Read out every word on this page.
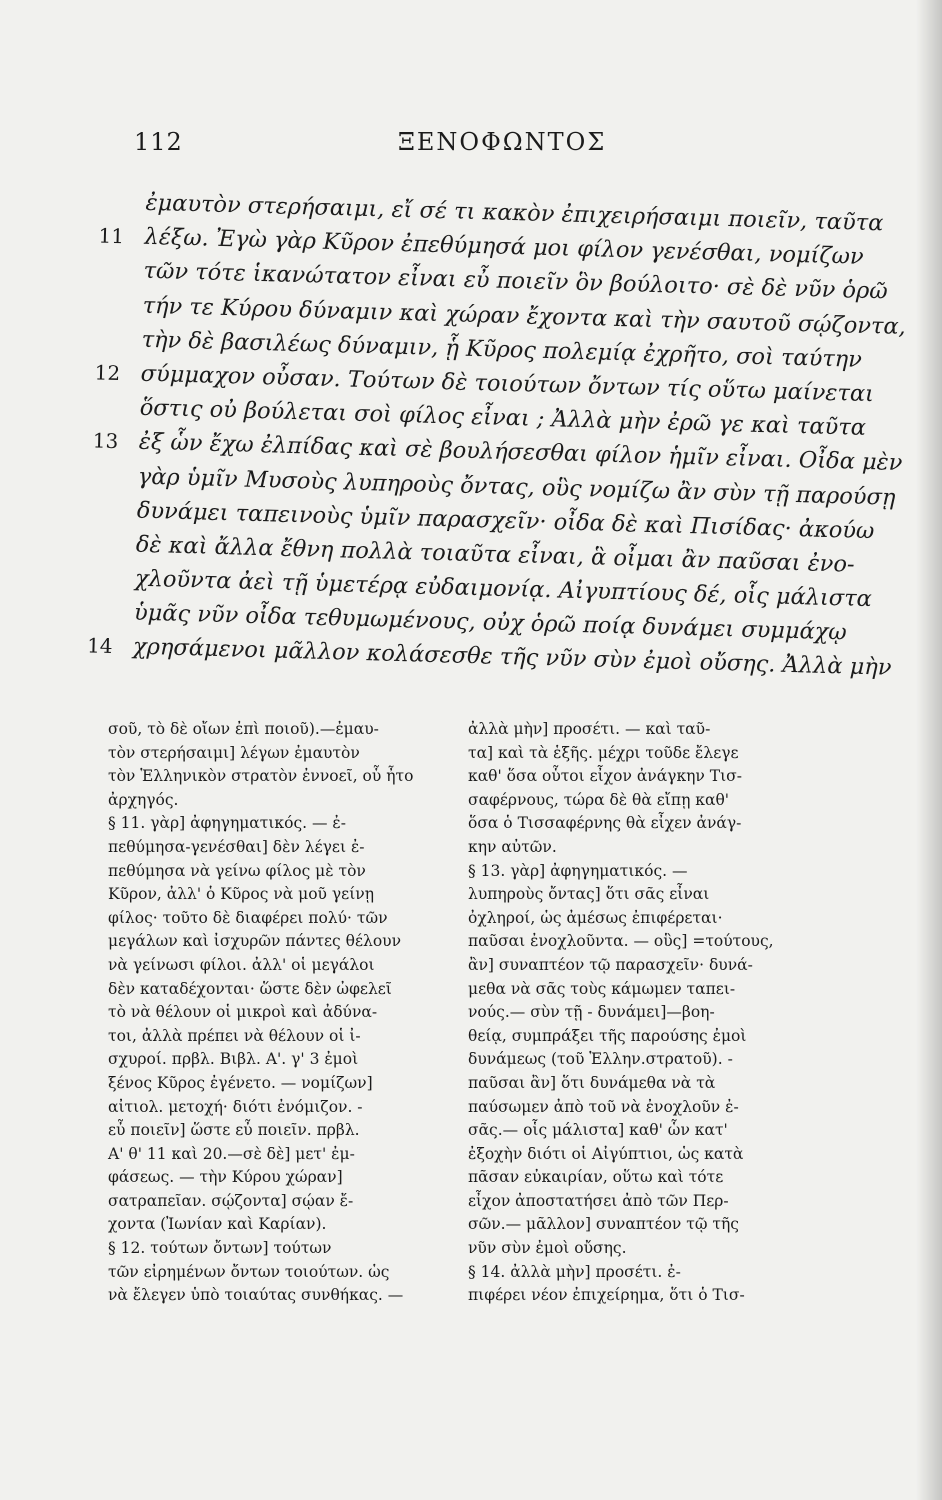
112	ΞΕΝΟΦΩΝΤΟΣ
ἐμαυτὸν στερήσαιμι, εἴ σέ τι κακὸν ἐπιχειρήσαιμι ποιεῖν, ταῦτα
11 λέξω. Ἐγὼ γὰρ Κῦρον ἐπεθύμησά μοι φίλον γενέσθαι, νομίζων
τῶν τότε ἱκανώτατον εἶναι εὖ ποιεῖν ὃν βούλοιτο· σὲ δὲ νῦν ὁρῶ
τήν τε Κύρου δύναμιν καὶ χώραν ἔχοντα καὶ τὴν σαυτοῦ σῴζοντα,
τὴν δὲ βασιλέως δύναμιν, ᾗ Κῦρος πολεμίᾳ ἐχρῆτο, σοὶ ταύτην
12 σύμμαχον οὖσαν. Τούτων δὲ τοιούτων ὄντων τίς οὕτω μαίνεται
ὅστις οὐ βούλεται σοὶ φίλος εἶναι ; Ἀλλὰ μὴν ἐρῶ γε καὶ ταῦτα
13 ἐξ ὧν ἔχω ἐλπίδας καὶ σὲ βουλήσεσθαι φίλον ἡμῖν εἶναι. Οἶδα μὲν
γὰρ ὑμῖν Μυσοὺς λυπηροὺς ὄντας, οὓς νομίζω ἂν σὺν τῇ παρούσῃ
δυνάμει ταπεινοὺς ὑμῖν παρασχεῖν· οἶδα δὲ καὶ Πισίδας· ἀκούω
δὲ καὶ ἄλλα ἔθνη πολλὰ τοιαῦτα εἶναι, ἃ οἶμαι ἂν παῦσαι ἐνο-
χλοῦντα ἀεὶ τῇ ὑμετέρᾳ εὐδαιμονίᾳ. Αἰγυπτίους δέ, οἷς μάλιστα
ὑμᾶς νῦν οἶδα τεθυμωμένους, οὐχ ὁρῶ ποίᾳ δυνάμει συμμάχῳ
14 χρησάμενοι μᾶλλον κολάσεσθε τῆς νῦν σὺν ἐμοὶ οὔσης. Ἀλλὰ μὴν
σοῦ, τὸ δὲ οἴων ἐπὶ ποιοῦ).—ἐμαυ-
τὸν στερήσαιμι] λέγων ἐμαυτὸν
τὸν Ἑλληνικὸν στρατὸν ἐννοεῖ, οὗ ἦτο
ἀρχηγός.
§ 11. γὰρ] ἀφηγηματικός. — ἐ-
πεθύμησα-γενέσθαι] δὲν λέγει ἐ-
πεθύμησα νὰ γείνω φίλος μὲ τὸν
Κῦρον, ἀλλ' ὁ Κῦρος νὰ μοῦ γείνῃ
φίλος· τοῦτο δὲ διαφέρει πολύ· τῶν
μεγάλων καὶ ἰσχυρῶν πάντες θέλουν
νὰ γείνωσι φίλοι. ἀλλ' οἱ μεγάλοι
δὲν καταδέχονται· ὥστε δὲν ὠφελεῖ
τὸ νὰ θέλουν οἱ μικροὶ καὶ ἀδύνα-
τοι, ἀλλὰ πρέπει νὰ θέλουν οἱ ἰ-
σχυροί. πρβλ. Βιβλ. Α'. γ' 3 ἐμοὶ
ξένος Κῦρος ἐγένετο. — νομίζων]
αἰτιολ. μετοχή· διότι ἐνόμιζον. -
εὖ ποιεῖν] ὥστε εὖ ποιεῖν. πρβλ.
Α' θ' 11 καὶ 20.—σὲ δὲ] μετ' ἐμ-
φάσεως. — τὴν Κύρου χώραν]
σατραπεῖαν. σῴζοντα] σῴαν ἔ-
χοντα (Ἰωνίαν καὶ Καρίαν).
§ 12. τούτων ὄντων] τούτων
τῶν εἰρημένων ὄντων τοιούτων. ὡς
νὰ ἔλεγεν ὑπὸ τοιαύτας συνθήκας. —
ἀλλὰ μὴν] προσέτι. — καὶ ταῦ-
τα] καὶ τὰ ἑξῆς. μέχρι τοῦδε ἔλεγε
καθ' ὅσα οὗτοι εἶχον ἀνάγκην Τισ-
σαφέρνους, τώρα δὲ θὰ εἴπῃ καθ'
ὅσα ὁ Τισσαφέρνης θὰ εἶχεν ἀνάγ-
κην αὐτῶν.
§ 13. γὰρ] ἀφηγηματικός. —
λυπηροὺς ὄντας] ὅτι σᾶς εἶναι
ὀχληροί, ὡς ἀμέσως ἐπιφέρεται·
παῦσαι ἐνοχλοῦντα. — οὓς] =τούτους,
ἂν] συναπτέον τῷ παρασχεῖν· δυνά-
μεθα νὰ σᾶς τοὺς κάμωμεν ταπει-
νούς.— σὺν τῇ - δυνάμει]—βοη-
θείᾳ, συμπράξει τῆς παρούσης ἐμοὶ
δυνάμεως (τοῦ Ἑλλην.στρατοῦ). -
παῦσαι ἂν] ὅτι δυνάμεθα νὰ τὰ
παύσωμεν ἀπὸ τοῦ νὰ ἐνοχλοῦν ἐ-
σᾶς.— οἷς μάλιστα] καθ' ὧν κατ'
ἐξοχὴν διότι οἱ Αἰγύπτιοι, ὡς κατὰ
πᾶσαν εὐκαιρίαν, οὕτω καὶ τότε
εἶχον ἀποστατήσει ἀπὸ τῶν Περ-
σῶν.— μᾶλλον] συναπτέον τῷ τῆς
νῦν σὺν ἐμοὶ οὔσης.
§ 14. ἀλλὰ μὴν] προσέτι. ἐ-
πιφέρει νέον ἐπιχείρημα, ὅτι ὁ Τισ-
